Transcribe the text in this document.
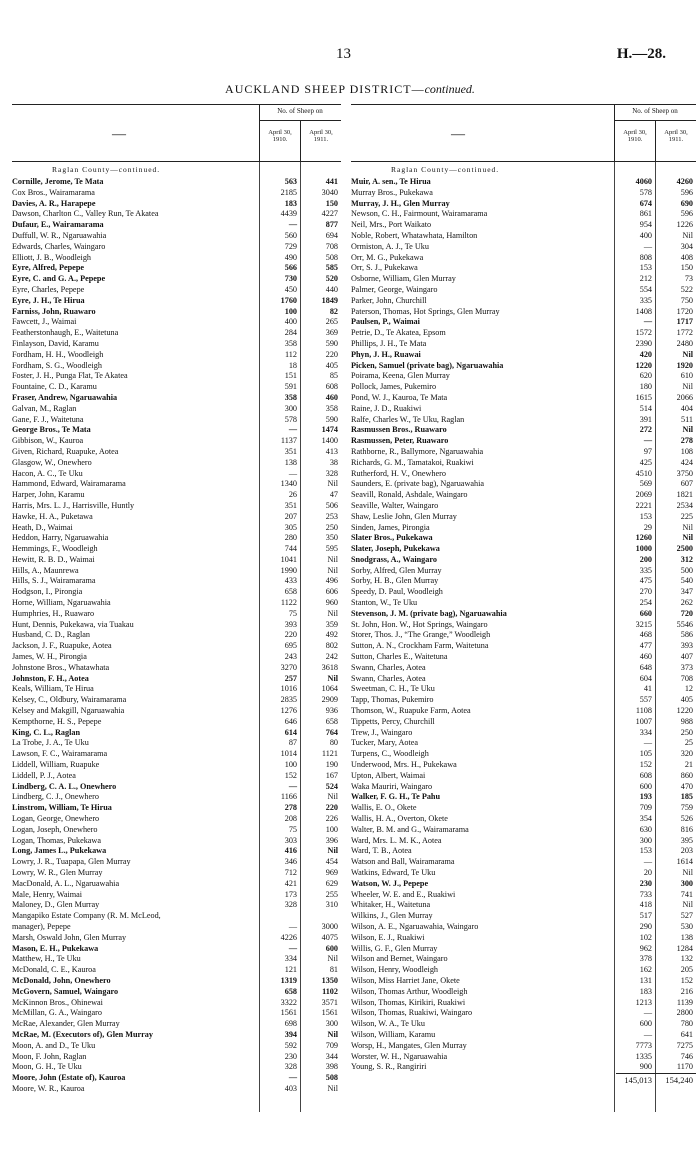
13	H.—28.
AUCKLAND SHEEP DISTRICT—continued.
—
No. of Sheep on
April 30, 1910.
April 30, 1911.
Raglan County—continued.
Cornille, Jerome, Te Mata	563	441
Cox Bros., Wairamarama	2185	3040
Davies, A. R., Harapepe	183	150
Dawson, Charlton C., Valley Run, Te Akatea	4439	4227
Dufaur, E., Wairamarama	—	877
Duffull, W. R., Ngaruawahia	560	694
Edwards, Charles, Waingaro	729	708
Elliott, J. B., Woodleigh	490	508
Eyre, Alfred, Pepepe	566	585
Eyre, C. and G. A., Pepepe	730	520
Eyre, Charles, Pepepe	450	440
Eyre, J. H., Te Hirua	1760	1849
Farniss, John, Ruawaro	100	82
Fawcett, J., Waimai	400	265
Featherstonhaugh, E., Waitetuna	284	369
Finlayson, David, Karamu	358	590
Fordham, H. H., Woodleigh	112	220
Fordham, S. G., Woodleigh	18	405
Foster, J. H., Punga Flat, Te Akatea	151	85
Fountaine, C. D., Karamu	591	608
Fraser, Andrew, Ngaruawahia	358	460
Galvan, M., Raglan	300	358
Gane, F. J., Waitetuna	578	590
George Bros., Te Mata	—	1474
Gibbison, W., Kauroa	1137	1400
Given, Richard, Ruapuke, Aotea	351	413
Glasgow, W., Onewhero	138	38
Hacon, A. C., Te Uku	—	328
Hammond, Edward, Wairamarama	1340	Nil
Harper, John, Karamu	26	47
Harris, Mrs. L. J., Harrisville, Huntly	351	506
Hawke, H. A., Puketawa	207	253
Heath, D., Waimai	305	250
Heddon, Harry, Ngaruawahia	280	350
Hemmings, F., Woodleigh	744	595
Hewitt, R. B. D., Waimai	1041	Nil
Hills, A., Maunrewa	1990	Nil
Hills, S. J., Wairamarama	433	496
Hodgson, I., Pirongia	658	606
Horne, William, Ngaruawahia	1122	960
Humphries, H., Ruawaro	75	Nil
Hunt, Dennis, Pukekawa, via Tuakau	393	359
Husband, C. D., Raglan	220	492
Jackson, J. F., Ruapuke, Aotea	695	802
James, W. H., Pirongia	243	242
Johnstone Bros., Whatawhata	3270	3618
Johnston, F. H., Aotea	257	Nil
Keals, William, Te Hirua	1016	1064
Kelsey, C., Oldbury, Wairamarama	2835	2909
Kelsey and Makgill, Ngaruawahia	1276	936
Kempthorne, H. S., Pepepe	646	658
King, C. L., Raglan	614	764
La Trobe, J. A., Te Uku	87	80
Lawson, F. C., Wairamarama	1014	1121
Liddell, William, Ruapuke	100	190
Liddell, P. J., Aotea	152	167
Lindberg, C. A. L., Onewhero	—	524
Lindberg, C. J., Onewhero	1166	Nil
Linstrom, William, Te Hirua	278	220
Logan, George, Onewhero	208	226
Logan, Joseph, Onewhero	75	100
Logan, Thomas, Pukekawa	303	396
Long, James L., Pukekawa	416	Nil
Lowry, J. R., Tuapapa, Glen Murray	346	454
Lowry, W. R., Glen Murray	712	969
MacDonald, A. L., Ngaruawahia	421	629
Male, Henry, Waimai	173	255
Maloney, D., Glen Murray	328	310
Mangapiko Estate Company (R. M. McLeod,
manager), Pepepe	—	3000
Marsh, Oswald John, Glen Murray	4226	4075
Mason, E. H., Pukekawa	—	600
Matthew, H., Te Uku	334	Nil
McDonald, C. E., Kauroa	121	81
McDonald, John, Onewhero	1319	1350
McGovern, Samuel, Waingaro	658	1102
McKinnon Bros., Ohinewai	3322	3571
McMillan, G. A., Waingaro	1561	1561
McRae, Alexander, Glen Murray	698	300
McRae, M. (Executors of), Glen Murray	394	Nil
Moon, A. and D., Te Uku	592	709
Moon, F. John, Raglan	230	344
Moon, G. H., Te Uku	328	398
Moore, John (Estate of), Kauroa	—	508
Moore, W. R., Kauroa	403	Nil
—
No. of Sheep on
April 30, 1910.
April 30, 1911.
Raglan County—continued.
Muir, A. sen., Te Hirua	4060	4260
Murray Bros., Pukekawa	578	596
Murray, J. H., Glen Murray	674	690
Newson, C. H., Fairmount, Wairamarama	861	596
Neil, Mrs., Port Waikato	954	1226
Noble, Robert, Whatawhata, Hamilton	400	Nil
Ormiston, A. J., Te Uku	—	304
Orr, M. G., Pukekawa	808	408
Orr, S. J., Pukekawa	153	150
Osborne, William, Glen Murray	212	73
Palmer, George, Waingaro	554	522
Parker, John, Churchill	335	750
Paterson, Thomas, Hot Springs, Glen Murray	1408	1720
Paulsen, P., Waimai	—	1717
Petrie, D., Te Akatea, Epsom	1572	1772
Phillips, J. H., Te Mata	2390	2480
Phyn, J. H., Ruawai	420	Nil
Picken, Samuel (private bag), Ngaruawahia	1220	1920
Poirama, Keena, Glen Murray	620	610
Pollock, James, Pukemiro	180	Nil
Pond, W. J., Kauroa, Te Mata	1615	2066
Raine, J. D., Ruakiwi	514	404
Ralfe, Charles W., Te Uku, Raglan	391	511
Rasmussen Bros., Ruawaro	272	Nil
Rasmussen, Peter, Ruawaro	—	278
Rathborne, R., Ballymore, Ngaruawahia	97	108
Richards, G. M., Tamatakoi, Ruakiwi	425	424
Rutherford, H. V., Onewhero	4510	3750
Saunders, E. (private bag), Ngaruawahia	569	607
Seavill, Ronald, Ashdale, Waingaro	2069	1821
Seaville, Walter, Waingaro	2221	2534
Shaw, Leslie John, Glen Murray	153	225
Sinden, James, Pirongia	29	Nil
Slater Bros., Pukekawa	1260	Nil
Slater, Joseph, Pukekawa	1000	2500
Snodgrass, A., Waingaro	200	312
Sorby, Alfred, Glen Murray	335	500
Sorby, H. B., Glen Murray	475	540
Speedy, D. Paul, Woodleigh	270	347
Stanton, W., Te Uku	254	262
Stevenson, J. M. (private bag), Ngaruawahia	660	720
St. John, Hon. W., Hot Springs, Waingaro	3215	5546
Storer, Thos. J., “The Grange,” Woodleigh	468	586
Sutton, A. N., Crockham Farm, Waitetuna	477	393
Sutton, Charles E., Waitetuna	460	407
Swann, Charles, Aotea	648	373
Swann, Charles, Aotea	604	708
Sweetman, C. H., Te Uku	41	12
Tapp, Thomas, Pukemiro	557	405
Thomson, W., Ruapuke Farm, Aotea	1108	1220
Tippetts, Percy, Churchill	1007	988
Trew, J., Waingaro	334	250
Tucker, Mary, Aotea	—	25
Turpens, C., Woodleigh	105	320
Underwood, Mrs. H., Pukekawa	152	21
Upton, Albert, Waimai	608	860
Waka Mauriri, Waingaro	600	470
Walker, F. G. H., Te Pahu	193	185
Wallis, E. O., Okete	709	759
Wallis, H. A., Overton, Okete	354	526
Walter, B. M. and G., Wairamarama	630	816
Ward, Mrs. L. M. K., Aotea	300	395
Ward, T. B., Aotea	153	203
Watson and Ball, Wairamarama	—	1614
Watkins, Edward, Te Uku	20	Nil
Watson, W. J., Pepepe	230	300
Wheeler, W. E. and E., Ruakiwi	733	741
Whitaker, H., Waitetuna	418	Nil
Wilkins, J., Glen Murray	517	527
Wilson, A. E., Ngaruawahia, Waingaro	290	530
Wilson, E. J., Ruakiwi	102	138
Willis, G. F., Glen Murray	962	1284
Wilson and Bernet, Waingaro	378	132
Wilson, Henry, Woodleigh	162	205
Wilson, Miss Harriet Jane, Okete	131	152
Wilson, Thomas Arthur, Woodleigh	183	216
Wilson, Thomas, Kirikiri, Ruakiwi	1213	1139
Wilson, Thomas, Ruakiwi, Waingaro	—	2800
Wilson, W. A., Te Uku	600	780
Wilson, William, Karamu	—	641
Worsp, H., Mangates, Glen Murray	7773	7275
Worster, W. H., Ngaruawahia	1335	746
Young, S. R., Rangiriri	900	1170
145,013	154,240
